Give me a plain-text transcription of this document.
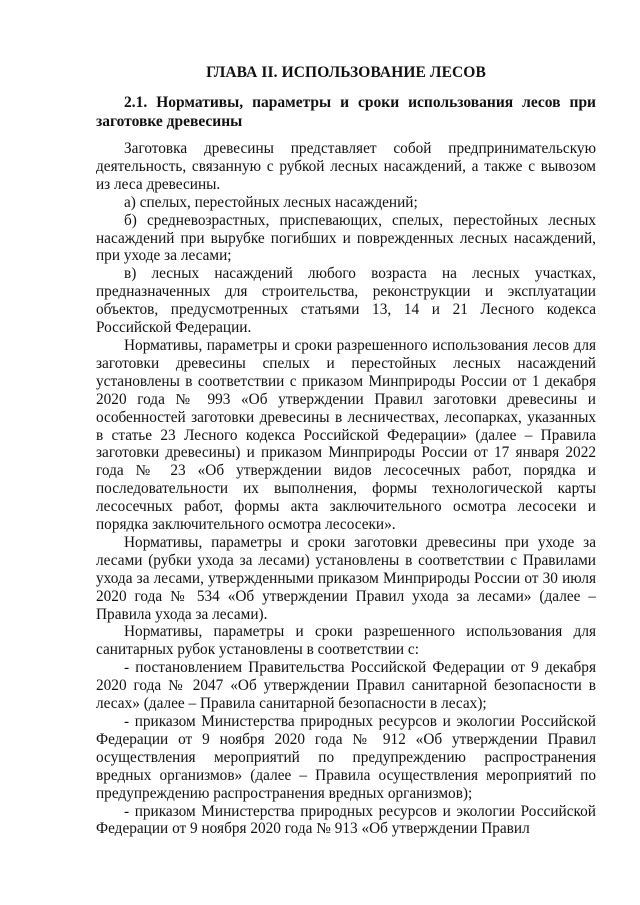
ГЛАВА II. ИСПОЛЬЗОВАНИЕ ЛЕСОВ
2.1. Нормативы, параметры и сроки использования лесов при заготовке древесины

Заготовка древесины представляет собой предпринимательскую деятельность, связанную с рубкой лесных насаждений, а также с вывозом из леса древесины.

а) спелых, перестойных лесных насаждений;

б) средневозрастных, приспевающих, спелых, перестойных лесных насаждений при вырубке погибших и поврежденных лесных насаждений, при уходе за лесами;

в) лесных насаждений любого возраста на лесных участках, предназначенных для строительства, реконструкции и эксплуатации объектов, предусмотренных статьями 13, 14 и 21 Лесного кодекса Российской Федерации.

Нормативы, параметры и сроки разрешенного использования лесов для заготовки древесины спелых и перестойных лесных насаждений установлены в соответствии с приказом Минприроды России от 1 декабря 2020 года № 993 «Об утверждении Правил заготовки древесины и особенностей заготовки древесины в лесничествах, лесопарках, указанных в статье 23 Лесного кодекса Российской Федерации» (далее – Правила заготовки древесины) и приказом Минприроды России от 17 января 2022 года № 23 «Об утверждении видов лесосечных работ, порядка и последовательности их выполнения, формы технологической карты лесосечных работ, формы акта заключительного осмотра лесосеки и порядка заключительного осмотра лесосеки».

Нормативы, параметры и сроки заготовки древесины при уходе за лесами (рубки ухода за лесами) установлены в соответствии с Правилами ухода за лесами, утвержденными приказом Минприроды России от 30 июля 2020 года № 534 «Об утверждении Правил ухода за лесами» (далее – Правила ухода за лесами).

Нормативы, параметры и сроки разрешенного использования для санитарных рубок установлены в соответствии с:

- постановлением Правительства Российской Федерации от 9 декабря 2020 года № 2047 «Об утверждении Правил санитарной безопасности в лесах» (далее – Правила санитарной безопасности в лесах);

- приказом Министерства природных ресурсов и экологии Российской Федерации от 9 ноября 2020 года № 912 «Об утверждении Правил осуществления мероприятий по предупреждению распространения вредных организмов» (далее – Правила осуществления мероприятий по предупреждению распространения вредных организмов);

- приказом Министерства природных ресурсов и экологии Российской Федерации от 9 ноября 2020 года № 913 «Об утверждении Правил
